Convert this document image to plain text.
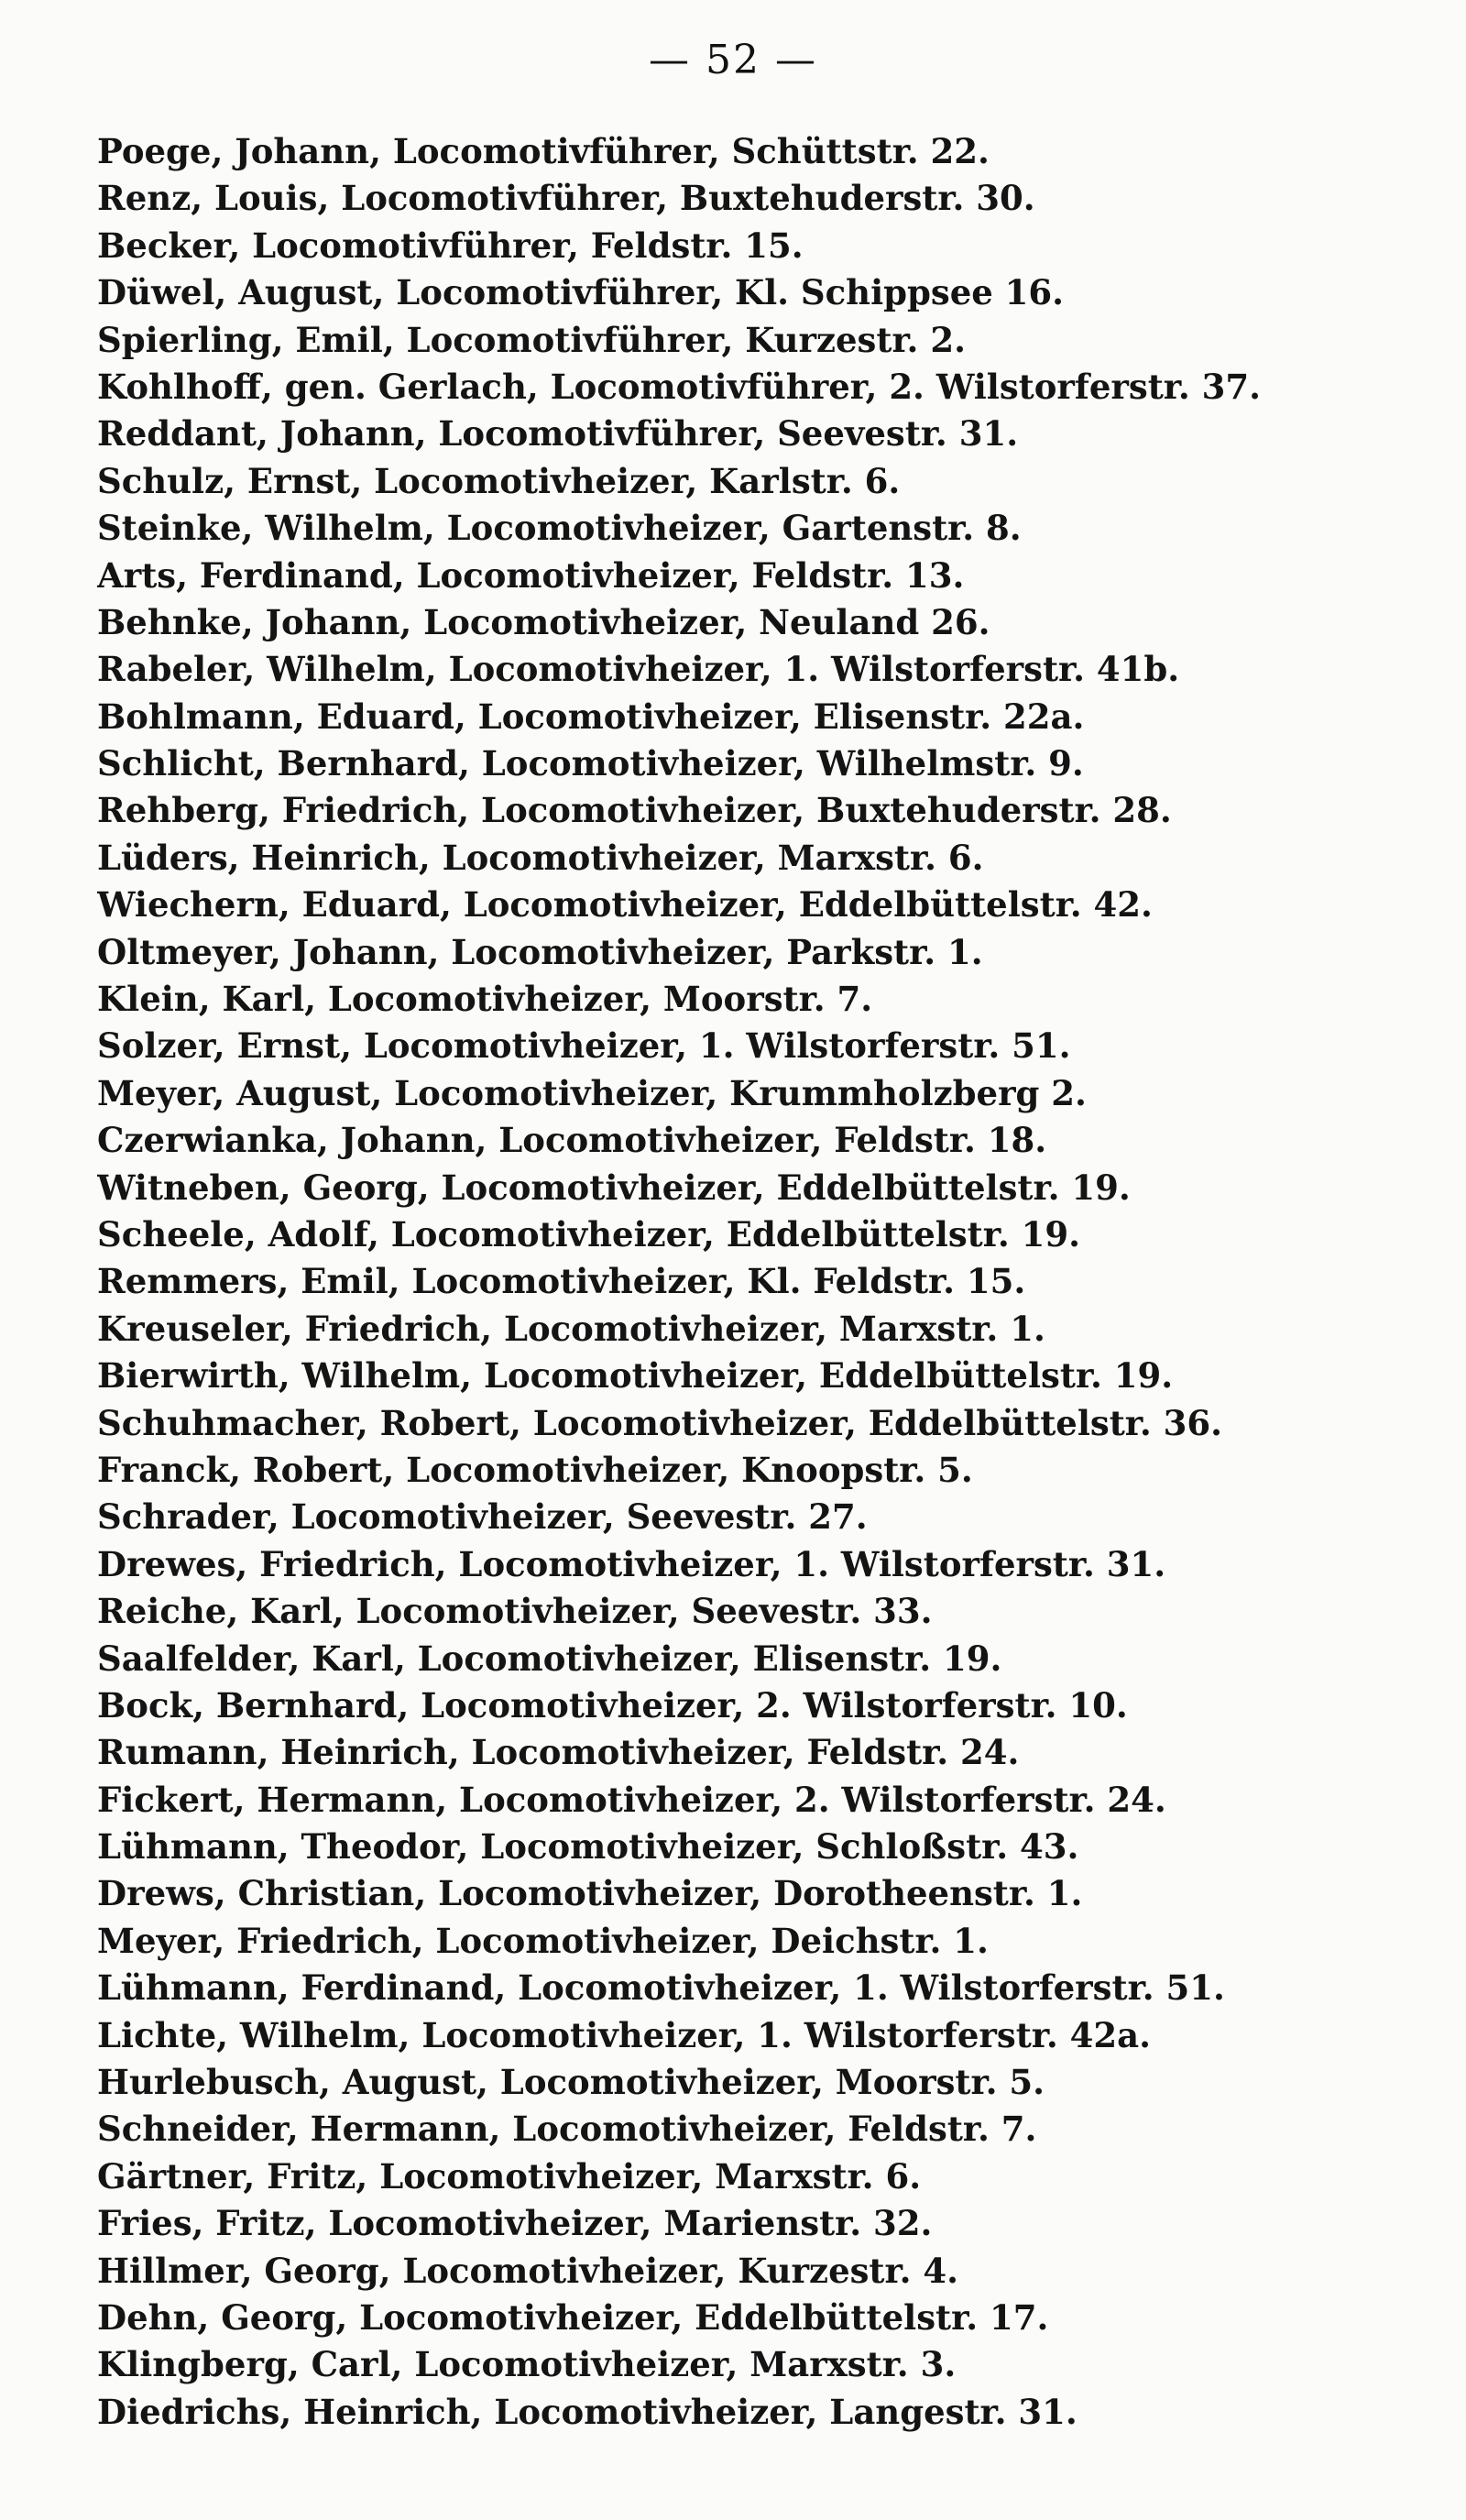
— 52 —
Poege, Johann, Locomotivführer, Schüttstr. 22.
Renz, Louis, Locomotivführer, Buxtehuderstr. 30.
Becker, Locomotivführer, Feldstr. 15.
Düwel, August, Locomotivführer, Kl. Schippsee 16.
Spierling, Emil, Locomotivführer, Kurzestr. 2.
Kohlhoff, gen. Gerlach, Locomotivführer, 2. Wilstorferstr. 37.
Reddant, Johann, Locomotivführer, Seevestr. 31.
Schulz, Ernst, Locomotivheizer, Karlstr. 6.
Steinke, Wilhelm, Locomotivheizer, Gartenstr. 8.
Arts, Ferdinand, Locomotivheizer, Feldstr. 13.
Behnke, Johann, Locomotivheizer, Neuland 26.
Rabeler, Wilhelm, Locomotivheizer, 1. Wilstorferstr. 41b.
Bohlmann, Eduard, Locomotivheizer, Elisenstr. 22a.
Schlicht, Bernhard, Locomotivheizer, Wilhelmstr. 9.
Rehberg, Friedrich, Locomotivheizer, Buxtehuderstr. 28.
Lüders, Heinrich, Locomotivheizer, Marxstr. 6.
Wiechern, Eduard, Locomotivheizer, Eddelbüttelstr. 42.
Oltmeyer, Johann, Locomotivheizer, Parkstr. 1.
Klein, Karl, Locomotivheizer, Moorstr. 7.
Solzer, Ernst, Locomotivheizer, 1. Wilstorferstr. 51.
Meyer, August, Locomotivheizer, Krummholzberg 2.
Czerwianka, Johann, Locomotivheizer, Feldstr. 18.
Witneben, Georg, Locomotivheizer, Eddelbüttelstr. 19.
Scheele, Adolf, Locomotivheizer, Eddelbüttelstr. 19.
Remmers, Emil, Locomotivheizer, Kl. Feldstr. 15.
Kreuseler, Friedrich, Locomotivheizer, Marxstr. 1.
Bierwirth, Wilhelm, Locomotivheizer, Eddelbüttelstr. 19.
Schuhmacher, Robert, Locomotivheizer, Eddelbüttelstr. 36.
Franck, Robert, Locomotivheizer, Knoopstr. 5.
Schrader, Locomotivheizer, Seevestr. 27.
Drewes, Friedrich, Locomotivheizer, 1. Wilstorferstr. 31.
Reiche, Karl, Locomotivheizer, Seevestr. 33.
Saalfelder, Karl, Locomotivheizer, Elisenstr. 19.
Bock, Bernhard, Locomotivheizer, 2. Wilstorferstr. 10.
Rumann, Heinrich, Locomotivheizer, Feldstr. 24.
Fickert, Hermann, Locomotivheizer, 2. Wilstorferstr. 24.
Lühmann, Theodor, Locomotivheizer, Schloßstr. 43.
Drews, Christian, Locomotivheizer, Dorotheenstr. 1.
Meyer, Friedrich, Locomotivheizer, Deichstr. 1.
Lühmann, Ferdinand, Locomotivheizer, 1. Wilstorferstr. 51.
Lichte, Wilhelm, Locomotivheizer, 1. Wilstorferstr. 42a.
Hurlebusch, August, Locomotivheizer, Moorstr. 5.
Schneider, Hermann, Locomotivheizer, Feldstr. 7.
Gärtner, Fritz, Locomotivheizer, Marxstr. 6.
Fries, Fritz, Locomotivheizer, Marienstr. 32.
Hillmer, Georg, Locomotivheizer, Kurzestr. 4.
Dehn, Georg, Locomotivheizer, Eddelbüttelstr. 17.
Klingberg, Carl, Locomotivheizer, Marxstr. 3.
Diedrichs, Heinrich, Locomotivheizer, Langestr. 31.
